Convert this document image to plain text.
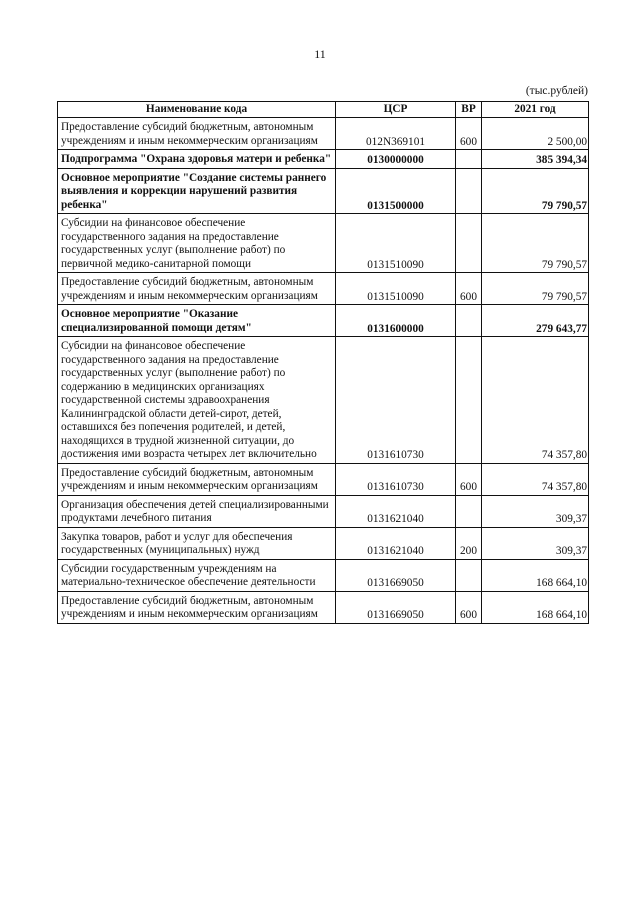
11
(тыс.рублей)
Наименование кода	ЦСР	ВР	2021 год
Предоставление субсидий бюджетным, автономным учреждениям и иным некоммерческим организациям	012N369101	600	2 500,00
Подпрограмма "Охрана здоровья матери и ребенка"	0130000000		385 394,34
Основное мероприятие "Создание системы раннего выявления и коррекции нарушений развития ребенка"	0131500000		79 790,57
Субсидии на финансовое обеспечение государственного задания на предоставление государственных услуг (выполнение работ) по первичной медико-санитарной помощи	0131510090		79 790,57
Предоставление субсидий бюджетным, автономным учреждениям и иным некоммерческим организациям	0131510090	600	79 790,57
Основное мероприятие "Оказание специализированной помощи детям"	0131600000		279 643,77
Субсидии на финансовое обеспечение государственного задания на предоставление государственных услуг (выполнение работ) по содержанию в медицинских организациях государственной системы здравоохранения Калининградской области детей-сирот, детей, оставшихся без попечения родителей, и детей, находящихся в трудной жизненной ситуации, до достижения ими возраста четырех лет включительно	0131610730		74 357,80
Предоставление субсидий бюджетным, автономным учреждениям и иным некоммерческим организациям	0131610730	600	74 357,80
Организация обеспечения детей специализированными продуктами лечебного питания	0131621040		309,37
Закупка товаров, работ и услуг для обеспечения государственных (муниципальных) нужд	0131621040	200	309,37
Субсидии государственным учреждениям на материально-техническое обеспечение деятельности	0131669050		168 664,10
Предоставление субсидий бюджетным, автономным учреждениям и иным некоммерческим организациям	0131669050	600	168 664,10
